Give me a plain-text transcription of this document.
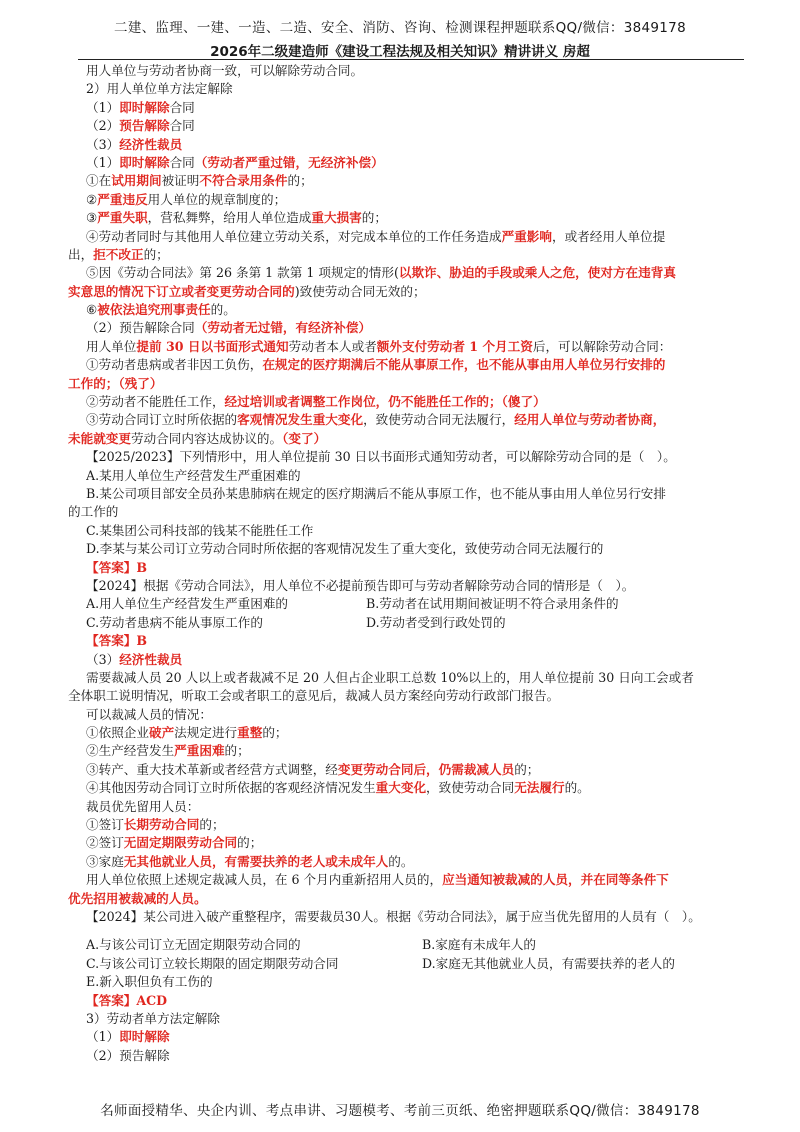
二建、监理、一建、一造、二造、安全、消防、咨询、检测课程押题联系QQ/微信：3849178
2026年二级建造师《建设工程法规及相关知识》精讲讲义 房超
用人单位与劳动者协商一致，可以解除劳动合同。
2）用人单位单方法定解除
（1）即时解除合同
（2）预告解除合同
（3）经济性裁员
（1）即时解除合同（劳动者严重过错，无经济补偿）
①在试用期间被证明不符合录用条件的；
②严重违反用人单位的规章制度的；
③严重失职，营私舞弊，给用人单位造成重大损害的；
④劳动者同时与其他用人单位建立劳动关系，对完成本单位的工作任务造成严重影响，或者经用人单位提
出，拒不改正的；
⑤因《劳动合同法》第 26 条第 1 款第 1 项规定的情形(以欺诈、胁迫的手段或乘人之危，使对方在违背真
实意思的情况下订立或者变更劳动合同的)致使劳动合同无效的；
⑥被依法追究刑事责任的。
（2）预告解除合同（劳动者无过错，有经济补偿）
用人单位提前 30 日以书面形式通知劳动者本人或者额外支付劳动者 1 个月工资后，可以解除劳动合同：
①劳动者患病或者非因工负伤，在规定的医疗期满后不能从事原工作，也不能从事由用人单位另行安排的
工作的；（残了）
②劳动者不能胜任工作，经过培训或者调整工作岗位，仍不能胜任工作的；（傻了）
③劳动合同订立时所依据的客观情况发生重大变化，致使劳动合同无法履行，经用人单位与劳动者协商，
未能就变更劳动合同内容达成协议的。（变了）
【2025/2023】下列情形中，用人单位提前 30 日以书面形式通知劳动者，可以解除劳动合同的是（　）。
A.某用人单位生产经营发生严重困难的
B.某公司项目部安全员孙某患肺病在规定的医疗期满后不能从事原工作，也不能从事由用人单位另行安排
的工作的
C.某集团公司科技部的钱某不能胜任工作
D.李某与某公司订立劳动合同时所依据的客观情况发生了重大变化，致使劳动合同无法履行的
【答案】B
【2024】根据《劳动合同法》，用人单位不必提前预告即可与劳动者解除劳动合同的情形是（　）。
A.用人单位生产经营发生严重困难的	B.劳动者在试用期间被证明不符合录用条件的
C.劳动者患病不能从事原工作的	D.劳动者受到行政处罚的
【答案】B
（3）经济性裁员
需要裁减人员 20 人以上或者裁减不足 20 人但占企业职工总数 10%以上的，用人单位提前 30 日向工会或者
全体职工说明情况，听取工会或者职工的意见后，裁减人员方案经向劳动行政部门报告。
可以裁减人员的情况：
①依照企业破产法规定进行重整的；
②生产经营发生严重困难的；
③转产、重大技术革新或者经营方式调整，经变更劳动合同后，仍需裁减人员的；
④其他因劳动合同订立时所依据的客观经济情况发生重大变化，致使劳动合同无法履行的。
裁员优先留用人员：
①签订长期劳动合同的；
②签订无固定期限劳动合同的；
③家庭无其他就业人员，有需要扶养的老人或未成年人的。
用人单位依照上述规定裁减人员，在 6 个月内重新招用人员的，应当通知被裁减的人员，并在同等条件下
优先招用被裁减的人员。
【2024】某公司进入破产重整程序，需要裁员30人。根据《劳动合同法》，属于应当优先留用的人员有（　）。
A.与该公司订立无固定期限劳动合同的	B.家庭有未成年人的
C.与该公司订立较长期限的固定期限劳动合同	D.家庭无其他就业人员，有需要扶养的老人的
E.新入职但负有工伤的
【答案】ACD
3）劳动者单方法定解除
（1）即时解除
（2）预告解除
名师面授精华、央企内训、考点串讲、习题模考、考前三页纸、绝密押题联系QQ/微信：3849178
